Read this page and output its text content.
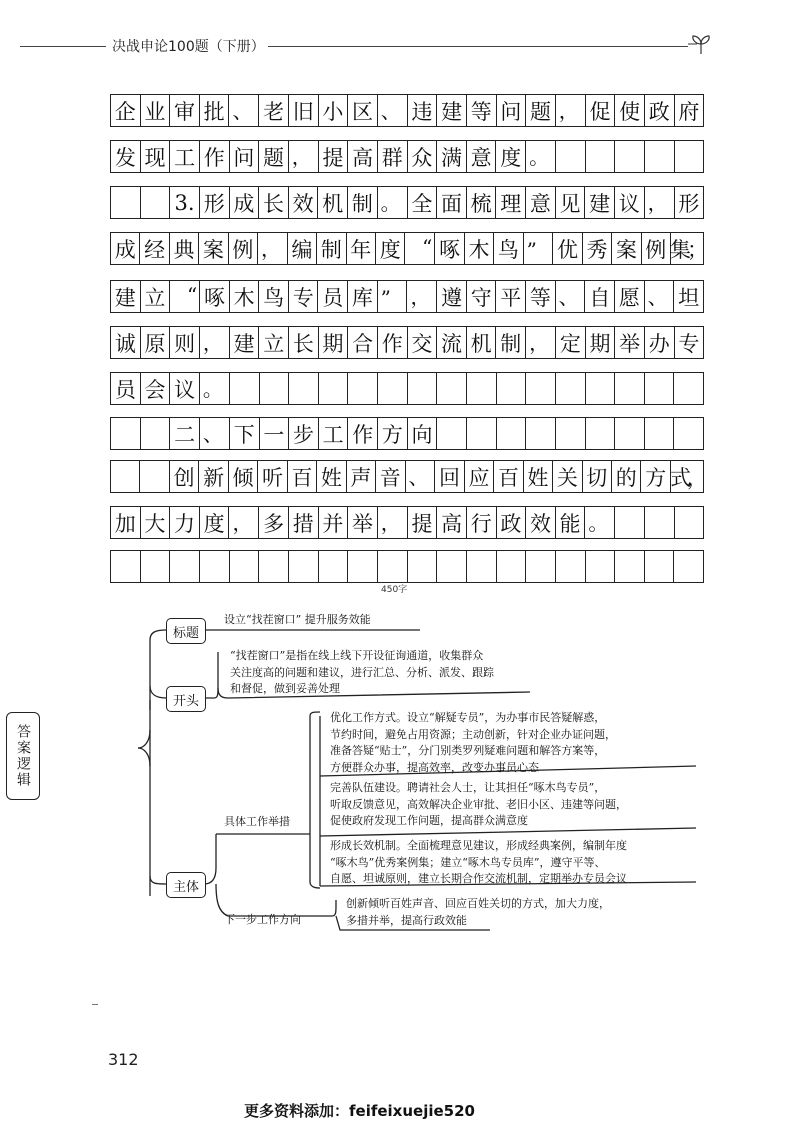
决战申论100题（下册）
企 业 审 批 、 老 旧 小 区 、 违 建 等 问 题 ， 促 使 政 府
发 现 工 作 问 题 ， 提 高 群 众 满 意 度 。
3. 形 成 长 效 机 制 。 全 面 梳 理 意 见 建 议 ， 形
成 经 典 案 例 ， 编 制 年 度	“ 啄 木 鸟 ” 优 秀 案 例 集；
建 立	“ 啄 木 鸟 专 员 库 ” ， 遵 守 平 等 、 自 愿 、 坦
诚 原 则 ， 建 立 长 期 合 作 交 流 机 制 ， 定 期 举 办 专
员 会 议 。
二 、 下 一 步 工 作 方 向
创 新 倾 听 百 姓 声 音 、 回 应 百 姓 关 切 的 方 式，
加 大 力 度 ， 多 措 并 举 ， 提 高 行 政 效 能 。
450字
答案逻辑
标题
设立“找茬窗口” 提升服务效能
开头
“找茬窗口”是指在线上线下开设征询通道，收集群众
关注度高的问题和建议，进行汇总、分析、派发、跟踪
和督促，做到妥善处理
优化工作方式。设立“解疑专员”，为办事市民答疑解惑，
节约时间，避免占用资源；主动创新，针对企业办证问题，
准备答疑“贴士”，分门别类罗列疑难问题和解答方案等，
方便群众办事，提高效率，改变办事员心态
完善队伍建设。聘请社会人士，让其担任“啄木鸟专员”，
听取反馈意见，高效解决企业审批、老旧小区、违建等问题，
促使政府发现工作问题，提高群众满意度
具体工作举措
形成长效机制。全面梳理意见建议，形成经典案例，编制年度
“啄木鸟”优秀案例集；建立“啄木鸟专员库”，遵守平等、
自愿、坦诚原则，建立长期合作交流机制，定期举办专员会议
主体
创新倾听百姓声音、回应百姓关切的方式，加大力度，
多措并举，提高行政效能
下一步工作方向
312
更多资料添加：feifeixuejie520
